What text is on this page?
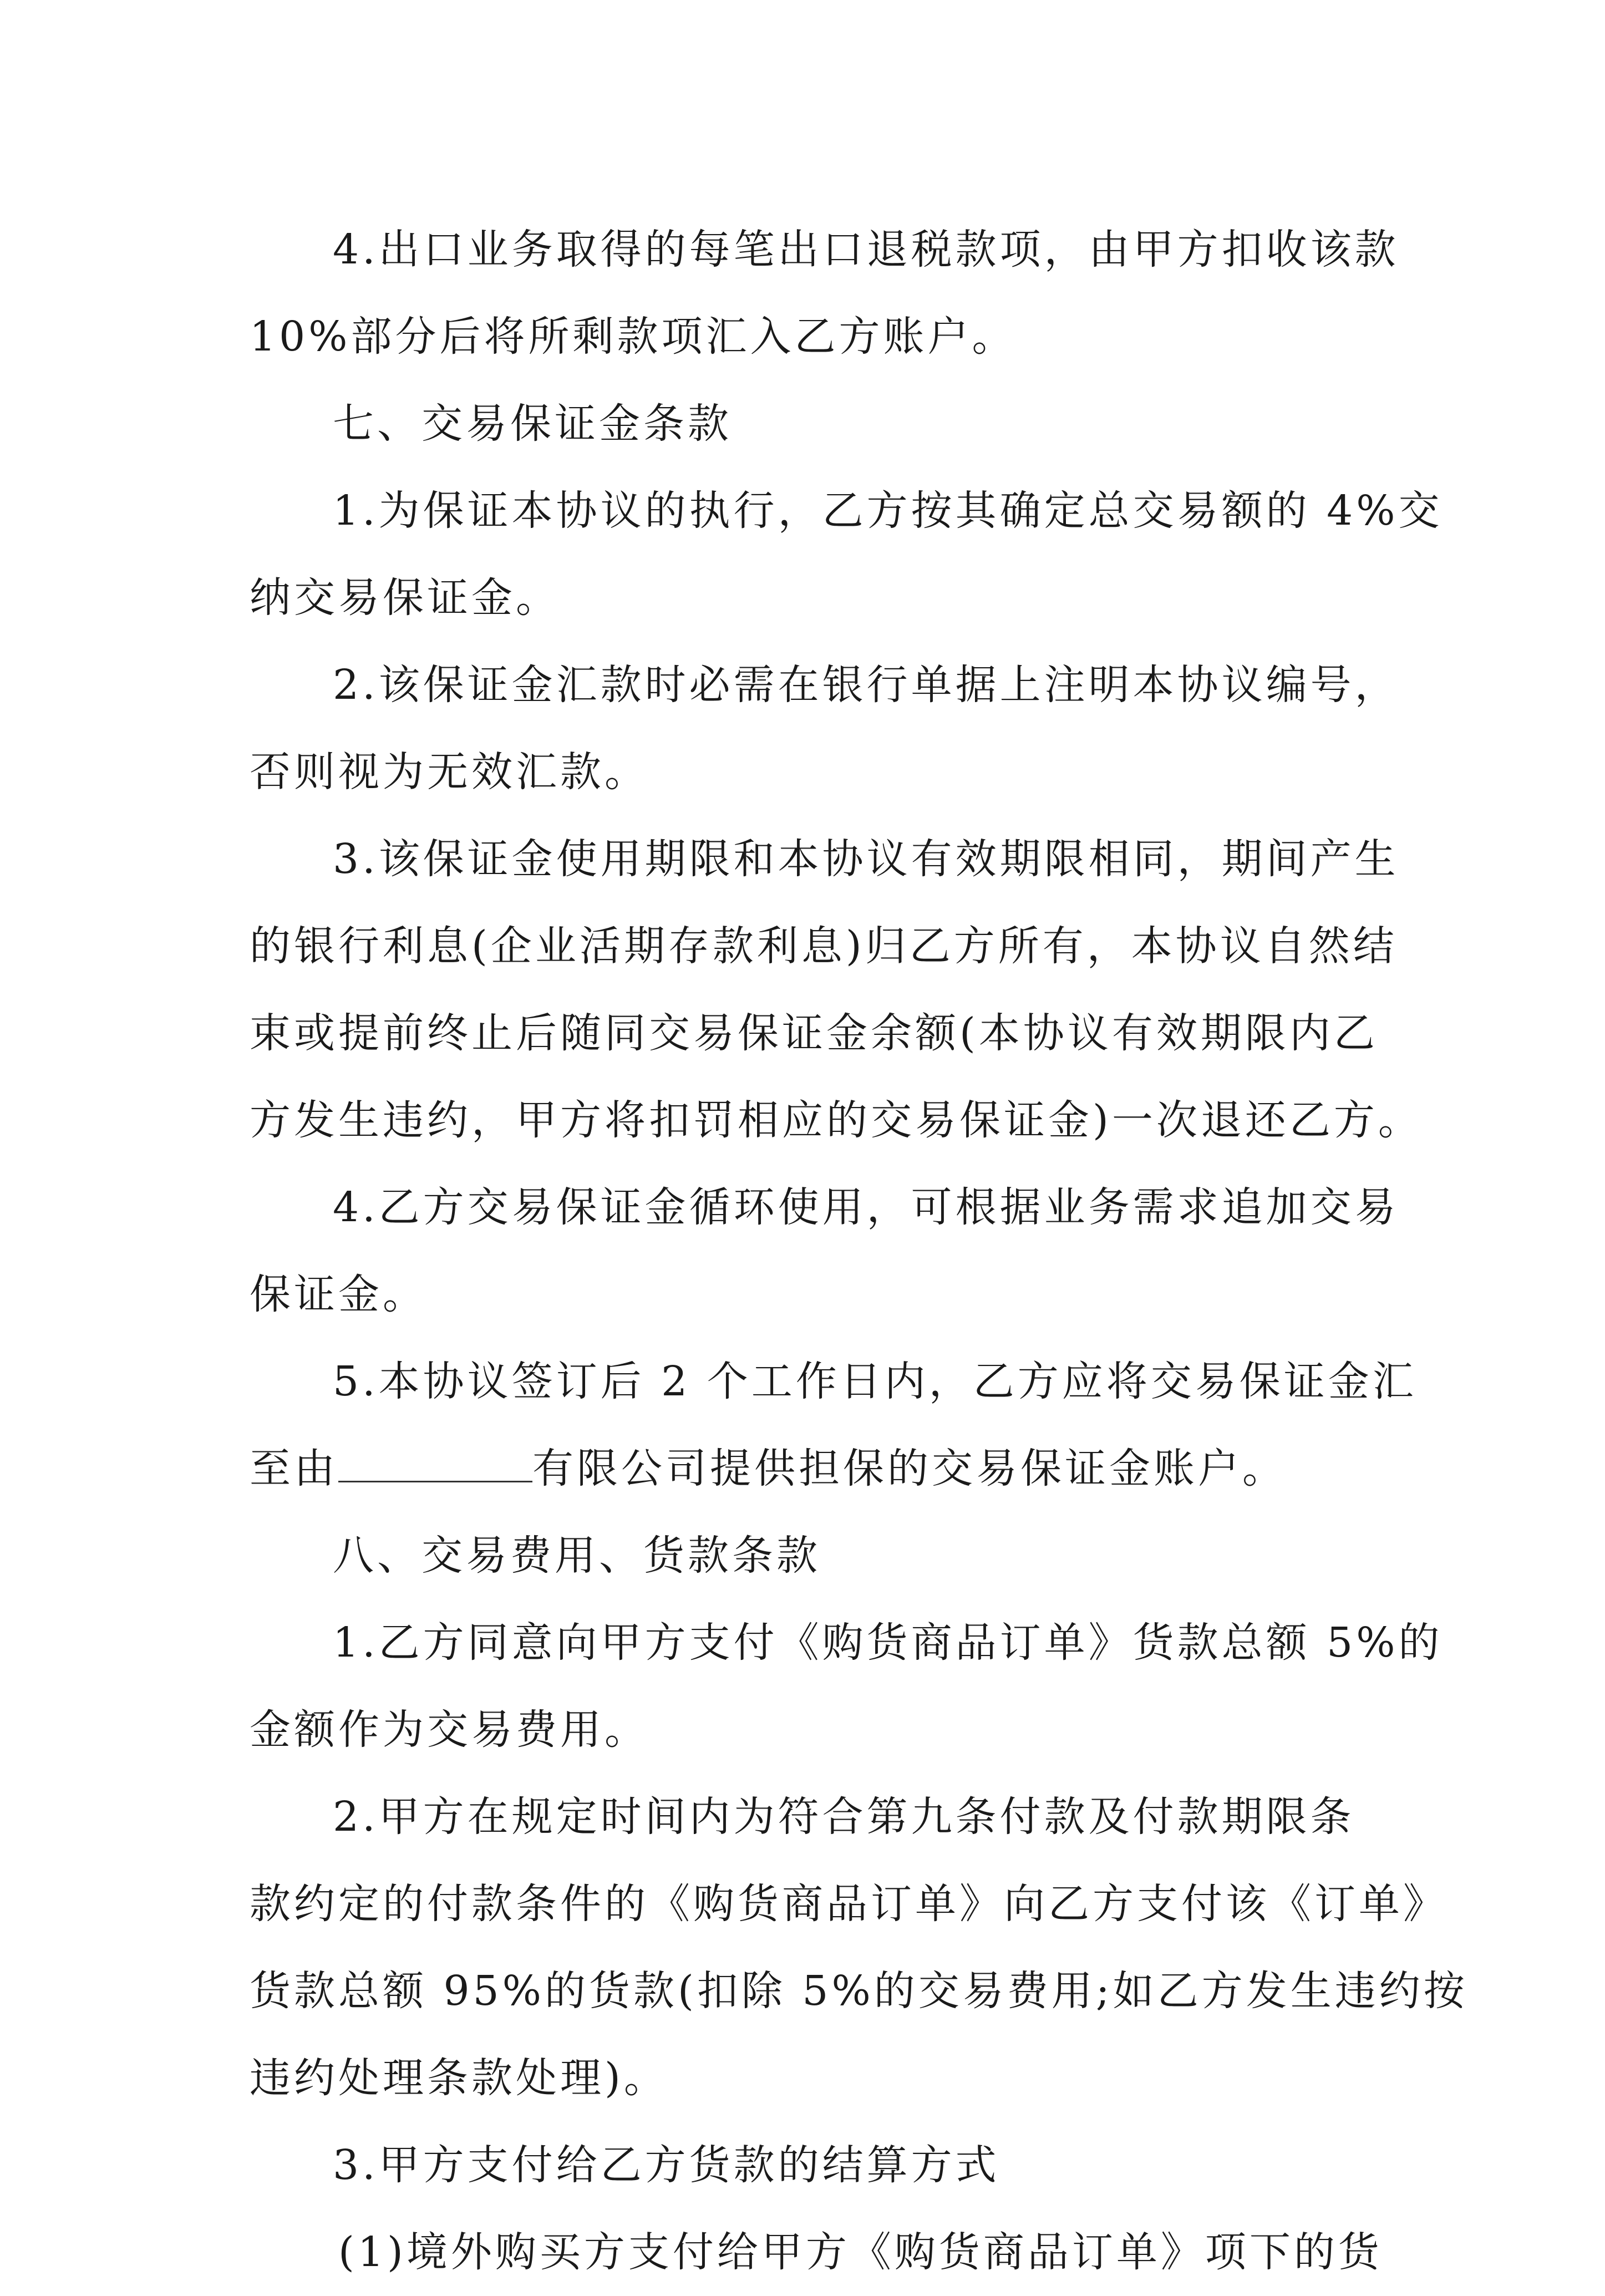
4.出口业务取得的每笔出口退税款项，由甲方扣收该款
10%部分后将所剩款项汇入乙方账户。
七、交易保证金条款
1.为保证本协议的执行，乙方按其确定总交易额的 4%交
纳交易保证金。
2.该保证金汇款时必需在银行单据上注明本协议编号，
否则视为无效汇款。
3.该保证金使用期限和本协议有效期限相同，期间产生
的银行利息(企业活期存款利息)归乙方所有，本协议自然结
束或提前终止后随同交易保证金余额(本协议有效期限内乙
方发生违约，甲方将扣罚相应的交易保证金)一次退还乙方。
4.乙方交易保证金循环使用，可根据业务需求追加交易
保证金。
5.本协议签订后 2 个工作日内，乙方应将交易保证金汇
至由	有限公司提供担保的交易保证金账户。
八、交易费用、货款条款
1.乙方同意向甲方支付《购货商品订单》货款总额 5%的
金额作为交易费用。
2.甲方在规定时间内为符合第九条付款及付款期限条
款约定的付款条件的《购货商品订单》向乙方支付该《订单》
货款总额 95%的货款(扣除 5%的交易费用;如乙方发生违约按
违约处理条款处理)。
3.甲方支付给乙方货款的结算方式
(1)境外购买方支付给甲方《购货商品订单》项下的货
